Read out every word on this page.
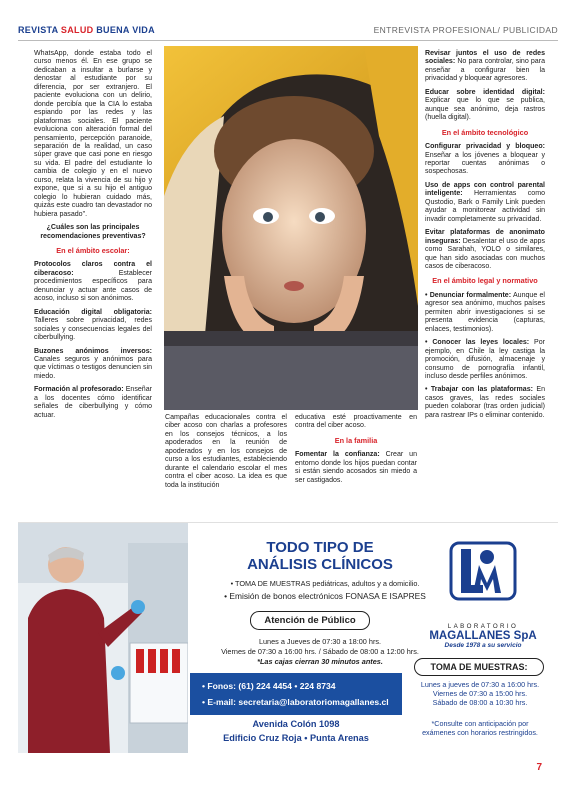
REVISTA SALUD BUENA VIDA	ENTREVISTA PROFESIONAL/ PUBLICIDAD

WhatsApp, donde estaba todo el curso menos él. En ese grupo se dedicaban a insultar a burlarse y denostar al estudiante por su diferencia, por ser extranjero. El paciente evoluciona con un delirio, donde percibía que la CIA lo estaba espiando por las redes y las plataformas sociales. El paciente evoluciona con alteración formal del pensamiento, percepción paranoide, separación de la realidad, un caso súper grave que casi pone en riesgo su vida. El padre del estudiante lo cambia de colegio y en el nuevo curso, relata la vivencia de su hijo y expone, que si a su hijo el antiguo colegio lo hubieran cuidado más, quizás este cuadro tan devastador no hubiera pasado".

¿Cuáles son las principales recomendaciones preventivas?

En el ámbito escolar:

Protocolos claros contra el ciberacoso:	Establecer procedimientos específicos para denunciar y actuar ante casos de acoso, incluso si son anónimos.

Educación digital obligatoria: Talleres sobre privacidad, redes sociales y consecuencias legales del ciberbullying.

Buzones anónimos inversos: Canales seguros y anónimos para que víctimas o testigos denuncien sin miedo.

Formación al profesorado: Enseñar a los docentes cómo identificar señales de ciberbullying y cómo actuar.	Campañas educacionales contra el ciber acoso con charlas a profesores en los consejos técnicos, a los apoderados en la reunión de apoderados y en los consejos de curso a los estudiantes, estableciendo durante el calendario escolar el mes contra el ciber acoso. La idea es que toda la institución

educativa esté proactivamente en contra del ciber acoso.

En la familia

Fomentar la confianza: Crear un entorno donde los hijos puedan contar si están siendo acosados sin miedo a ser castigados.

Revisar juntos el uso de redes sociales: No para controlar, sino para enseñar a configurar bien la privacidad y bloquear agresores.

Educar sobre identidad digital: Explicar que lo que se publica, aunque sea anónimo, deja rastros (huella digital).

En el ámbito tecnológico

Configurar privacidad y bloqueo: Enseñar a los jóvenes a bloquear y reportar cuentas anónimas o sospechosas.

Uso de apps con control parental inteligente: Herramientas como Qustodio, Bark o Family Link pueden ayudar a monitorear actividad sin invadir completamente su privacidad.

Evitar plataformas de anonimato inseguras: Desalentar el uso de apps como Sarahah, YOLO o similares, que han sido asociadas con muchos casos de ciberacoso.

En el ámbito legal y normativo

• Denunciar formalmente: Aunque el agresor sea anónimo, muchos países permiten abrir investigaciones si se presenta evidencia (capturas, enlaces, testimonios).

• Conocer las leyes locales: Por ejemplo, en Chile la ley castiga la promoción, difusión, almacenaje y consumo de pornografía infantil, incluso desde perfiles anónimos.

• Trabajar con las plataformas: En casos graves, las redes sociales pueden colaborar (tras orden judicial) para rastrear IPs o eliminar contenido.

TODO TIPO DE
ANÁLISIS CLÍNICOS
• TOMA DE MUESTRAS pediátricas, adultos y a domicilio.
• Emisión de bonos electrónicos FONASA E ISAPRES
Atención de Público
Lunes a Jueves de 07:30 a 18:00 hrs.
Viernes de 07:30 a 16:00 hrs. / Sábado de 08:00 a 12:00 hrs.
*Las cajas cierran 30 minutos antes.
• Fonos: (61) 224 4454 • 224 8734
• E-mail: secretaria@laboratoriomagallanes.cl
Avenida Colón 1098
Edificio Cruz Roja • Punta Arenas
LABORATORIO
MAGALLANES SpA
Desde 1978 a su servicio
TOMA DE MUESTRAS:
Lunes a jueves de 07:30 a 16:00 hrs.
Viernes de 07:30 a 15:00 hrs.
Sábado de 08:00 a 10:30 hrs.
*Consulte con anticipación por
exámenes con horarios restringidos.
7
